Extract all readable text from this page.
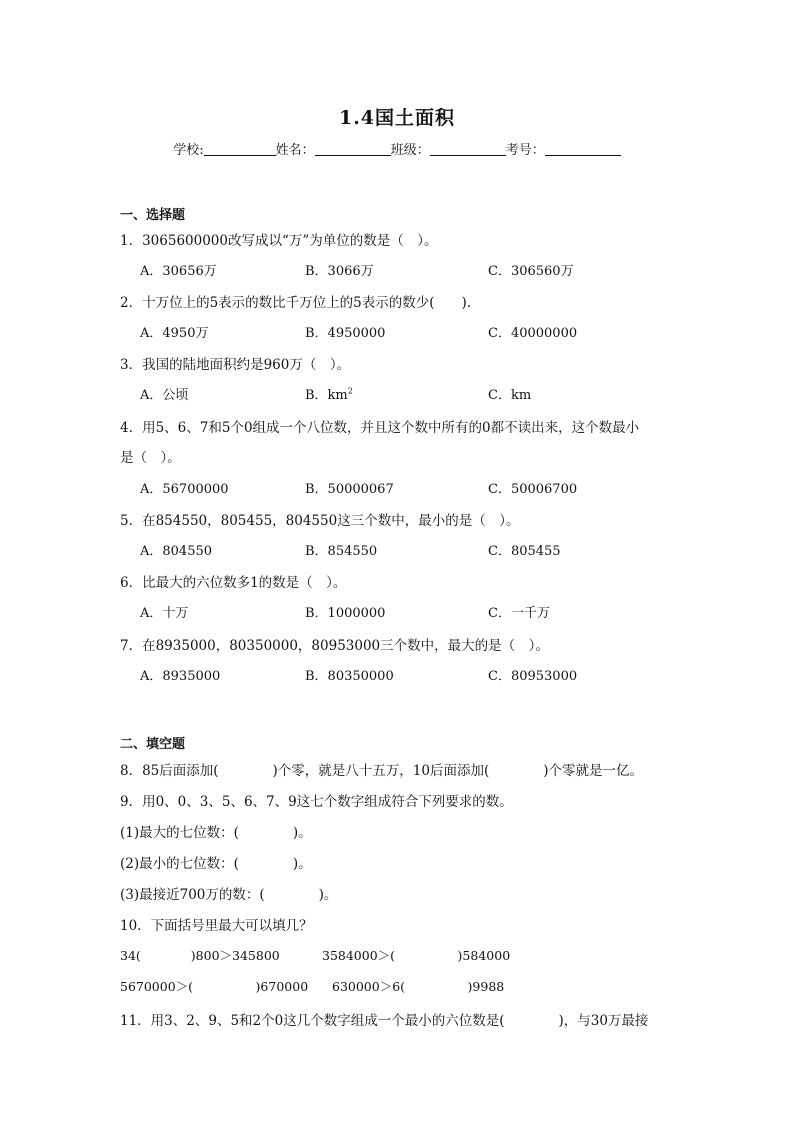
1.4国土面积
学校:	姓名：	班级：	考号：
一、选择题
1．3065600000改写成以“万”为单位的数是（　）。
A．30656万	B．3066万	C．306560万
2．十万位上的5表示的数比千万位上的5表示的数少(　　).
A．4950万	B．4950000	C．40000000
3．我国的陆地面积约是960万（　）。
A．公顷	B．$km^2$	C．km
4．用5、6、7和5个0组成一个八位数，并且这个数中所有的0都不读出来，这个数最小
是（　）。
A．56700000	B．50000067	C．50006700
5．在854550，805455，804550这三个数中，最小的是（　）。
A．804550	B．854550	C．805455
6．比最大的六位数多1的数是（　）。
A．十万	B．1000000	C．一千万
7．在8935000，80350000，80953000三个数中，最大的是（　）。
A．8935000	B．80350000	C．80953000
二、填空题
8．85后面添加(　　　　)个零，就是八十五万，10后面添加(　　　　)个零就是一亿。
9．用0、0、3、5、6、7、9这七个数字组成符合下列要求的数。
(1)最大的七位数：(　　　　)。
(2)最小的七位数：(　　　　)。
(3)最接近700万的数：(　　　　)。
10．下面括号里最大可以填几？
34(　　　　)800＞345800	3584000＞(　　　　　)584000
5670000＞(　　　　　)670000 630000＞6(　　　　　)9988
11．用3、2、9、5和2个0这几个数字组成一个最小的六位数是(　　　　)，与30万最接
